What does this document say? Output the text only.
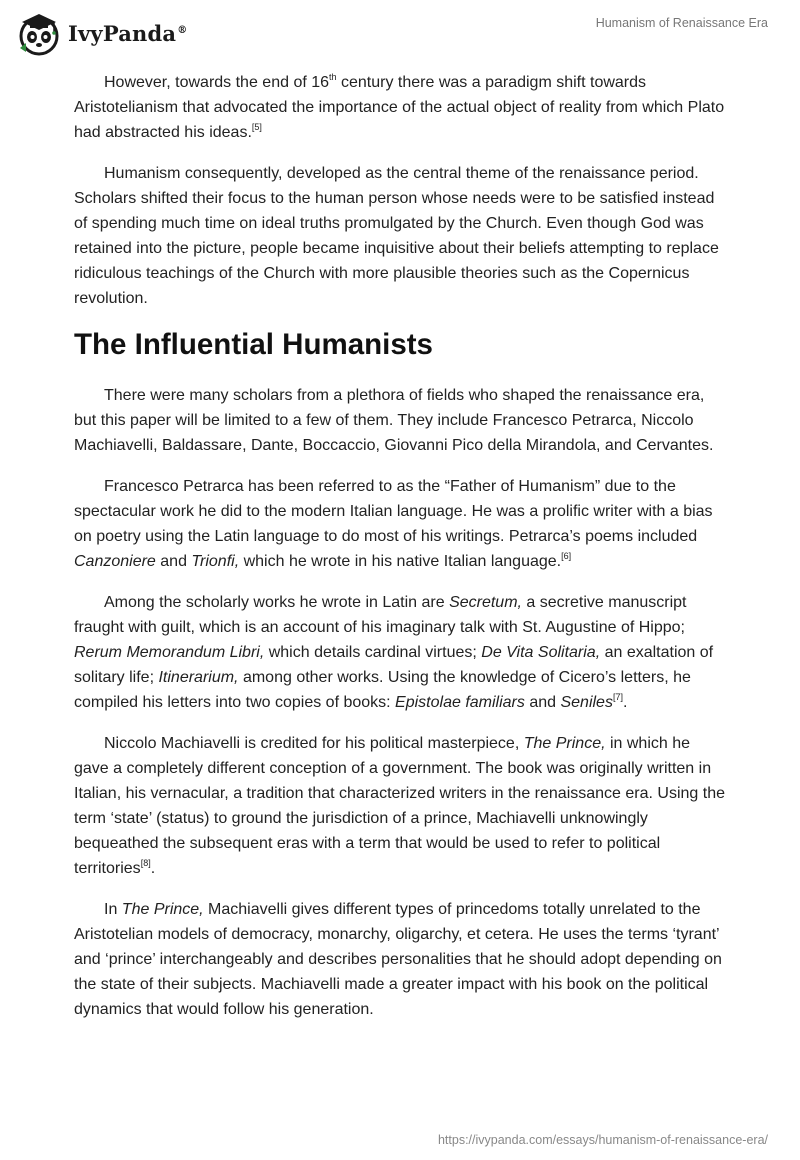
IvyPanda®	Humanism of Renaissance Era

However, towards the end of 16th century there was a paradigm shift towards Aristotelianism that advocated the importance of the actual object of reality from which Plato had abstracted his ideas.[5]

Humanism consequently, developed as the central theme of the renaissance period. Scholars shifted their focus to the human person whose needs were to be satisfied instead of spending much time on ideal truths promulgated by the Church. Even though God was retained into the picture, people became inquisitive about their beliefs attempting to replace ridiculous teachings of the Church with more plausible theories such as the Copernicus revolution.

The Influential Humanists

There were many scholars from a plethora of fields who shaped the renaissance era, but this paper will be limited to a few of them. They include Francesco Petrarca, Niccolo Machiavelli, Baldassare, Dante, Boccaccio, Giovanni Pico della Mirandola, and Cervantes.

Francesco Petrarca has been referred to as the “Father of Humanism” due to the spectacular work he did to the modern Italian language. He was a prolific writer with a bias on poetry using the Latin language to do most of his writings. Petrarca’s poems included Canzoniere and Trionfi, which he wrote in his native Italian language.[6]

Among the scholarly works he wrote in Latin are Secretum, a secretive manuscript fraught with guilt, which is an account of his imaginary talk with St. Augustine of Hippo; Rerum Memorandum Libri, which details cardinal virtues; De Vita Solitaria, an exaltation of solitary life; Itinerarium, among other works. Using the knowledge of Cicero’s letters, he compiled his letters into two copies of books: Epistolae familiars and Seniles[7].

Niccolo Machiavelli is credited for his political masterpiece, The Prince, in which he gave a completely different conception of a government. The book was originally written in Italian, his vernacular, a tradition that characterized writers in the renaissance era. Using the term ‘state’ (status) to ground the jurisdiction of a prince, Machiavelli unknowingly bequeathed the subsequent eras with a term that would be used to refer to political territories[8].

In The Prince, Machiavelli gives different types of princedoms totally unrelated to the Aristotelian models of democracy, monarchy, oligarchy, et cetera. He uses the terms ‘tyrant’ and ‘prince’ interchangeably and describes personalities that he should adopt depending on the state of their subjects. Machiavelli made a greater impact with his book on the political dynamics that would follow his generation.

https://ivypanda.com/essays/humanism-of-renaissance-era/
